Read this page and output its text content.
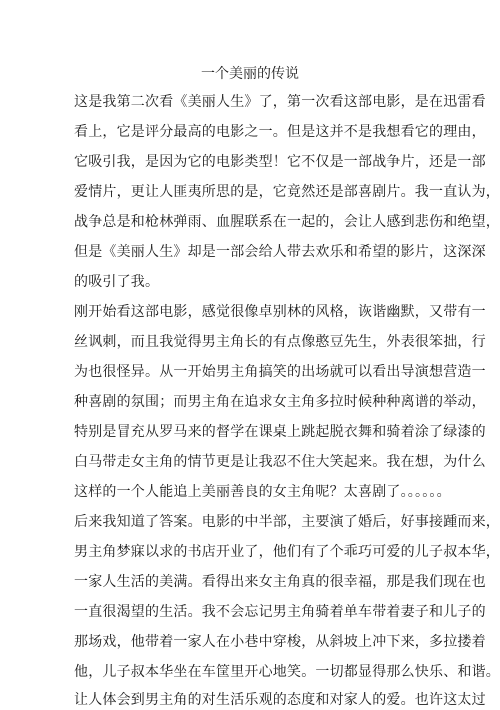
一个美丽的传说
这是我第二次看《美丽人生》了，第一次看这部电影，是在迅雷看
看上，它是评分最高的电影之一。但是这并不是我想看它的理由，
它吸引我，是因为它的电影类型！它不仅是一部战争片，还是一部
爱情片，更让人匪夷所思的是，它竟然还是部喜剧片。我一直认为，
战争总是和枪林弹雨、血腥联系在一起的，会让人感到悲伤和绝望，
但是《美丽人生》却是一部会给人带去欢乐和希望的影片，这深深
的吸引了我。
刚开始看这部电影，感觉很像卓别林的风格，诙谐幽默，又带有一
丝讽刺，而且我觉得男主角长的有点像憨豆先生，外表很笨拙，行
为也很怪异。从一开始男主角搞笑的出场就可以看出导演想营造一
种喜剧的氛围；而男主角在追求女主角多拉时候种种离谱的举动，
特别是冒充从罗马来的督学在课桌上跳起脱衣舞和骑着涂了绿漆的
白马带走女主角的情节更是让我忍不住大笑起来。我在想，为什么
这样的一个人能追上美丽善良的女主角呢？太喜剧了。。。。。。
后来我知道了答案。电影的中半部，主要演了婚后，好事接踵而来，
男主角梦寐以求的书店开业了，他们有了个乖巧可爱的儿子叔本华，
一家人生活的美满。看得出来女主角真的很幸福，那是我们现在也
一直很渴望的生活。我不会忘记男主角骑着单车带着妻子和儿子的
那场戏，他带着一家人在小巷中穿梭，从斜坡上冲下来，多拉搂着
他，儿子叔本华坐在车筐里开心地笑。一切都显得那么快乐、和谐。
让人体会到男主角的对生活乐观的态度和对家人的爱。也许这太过
